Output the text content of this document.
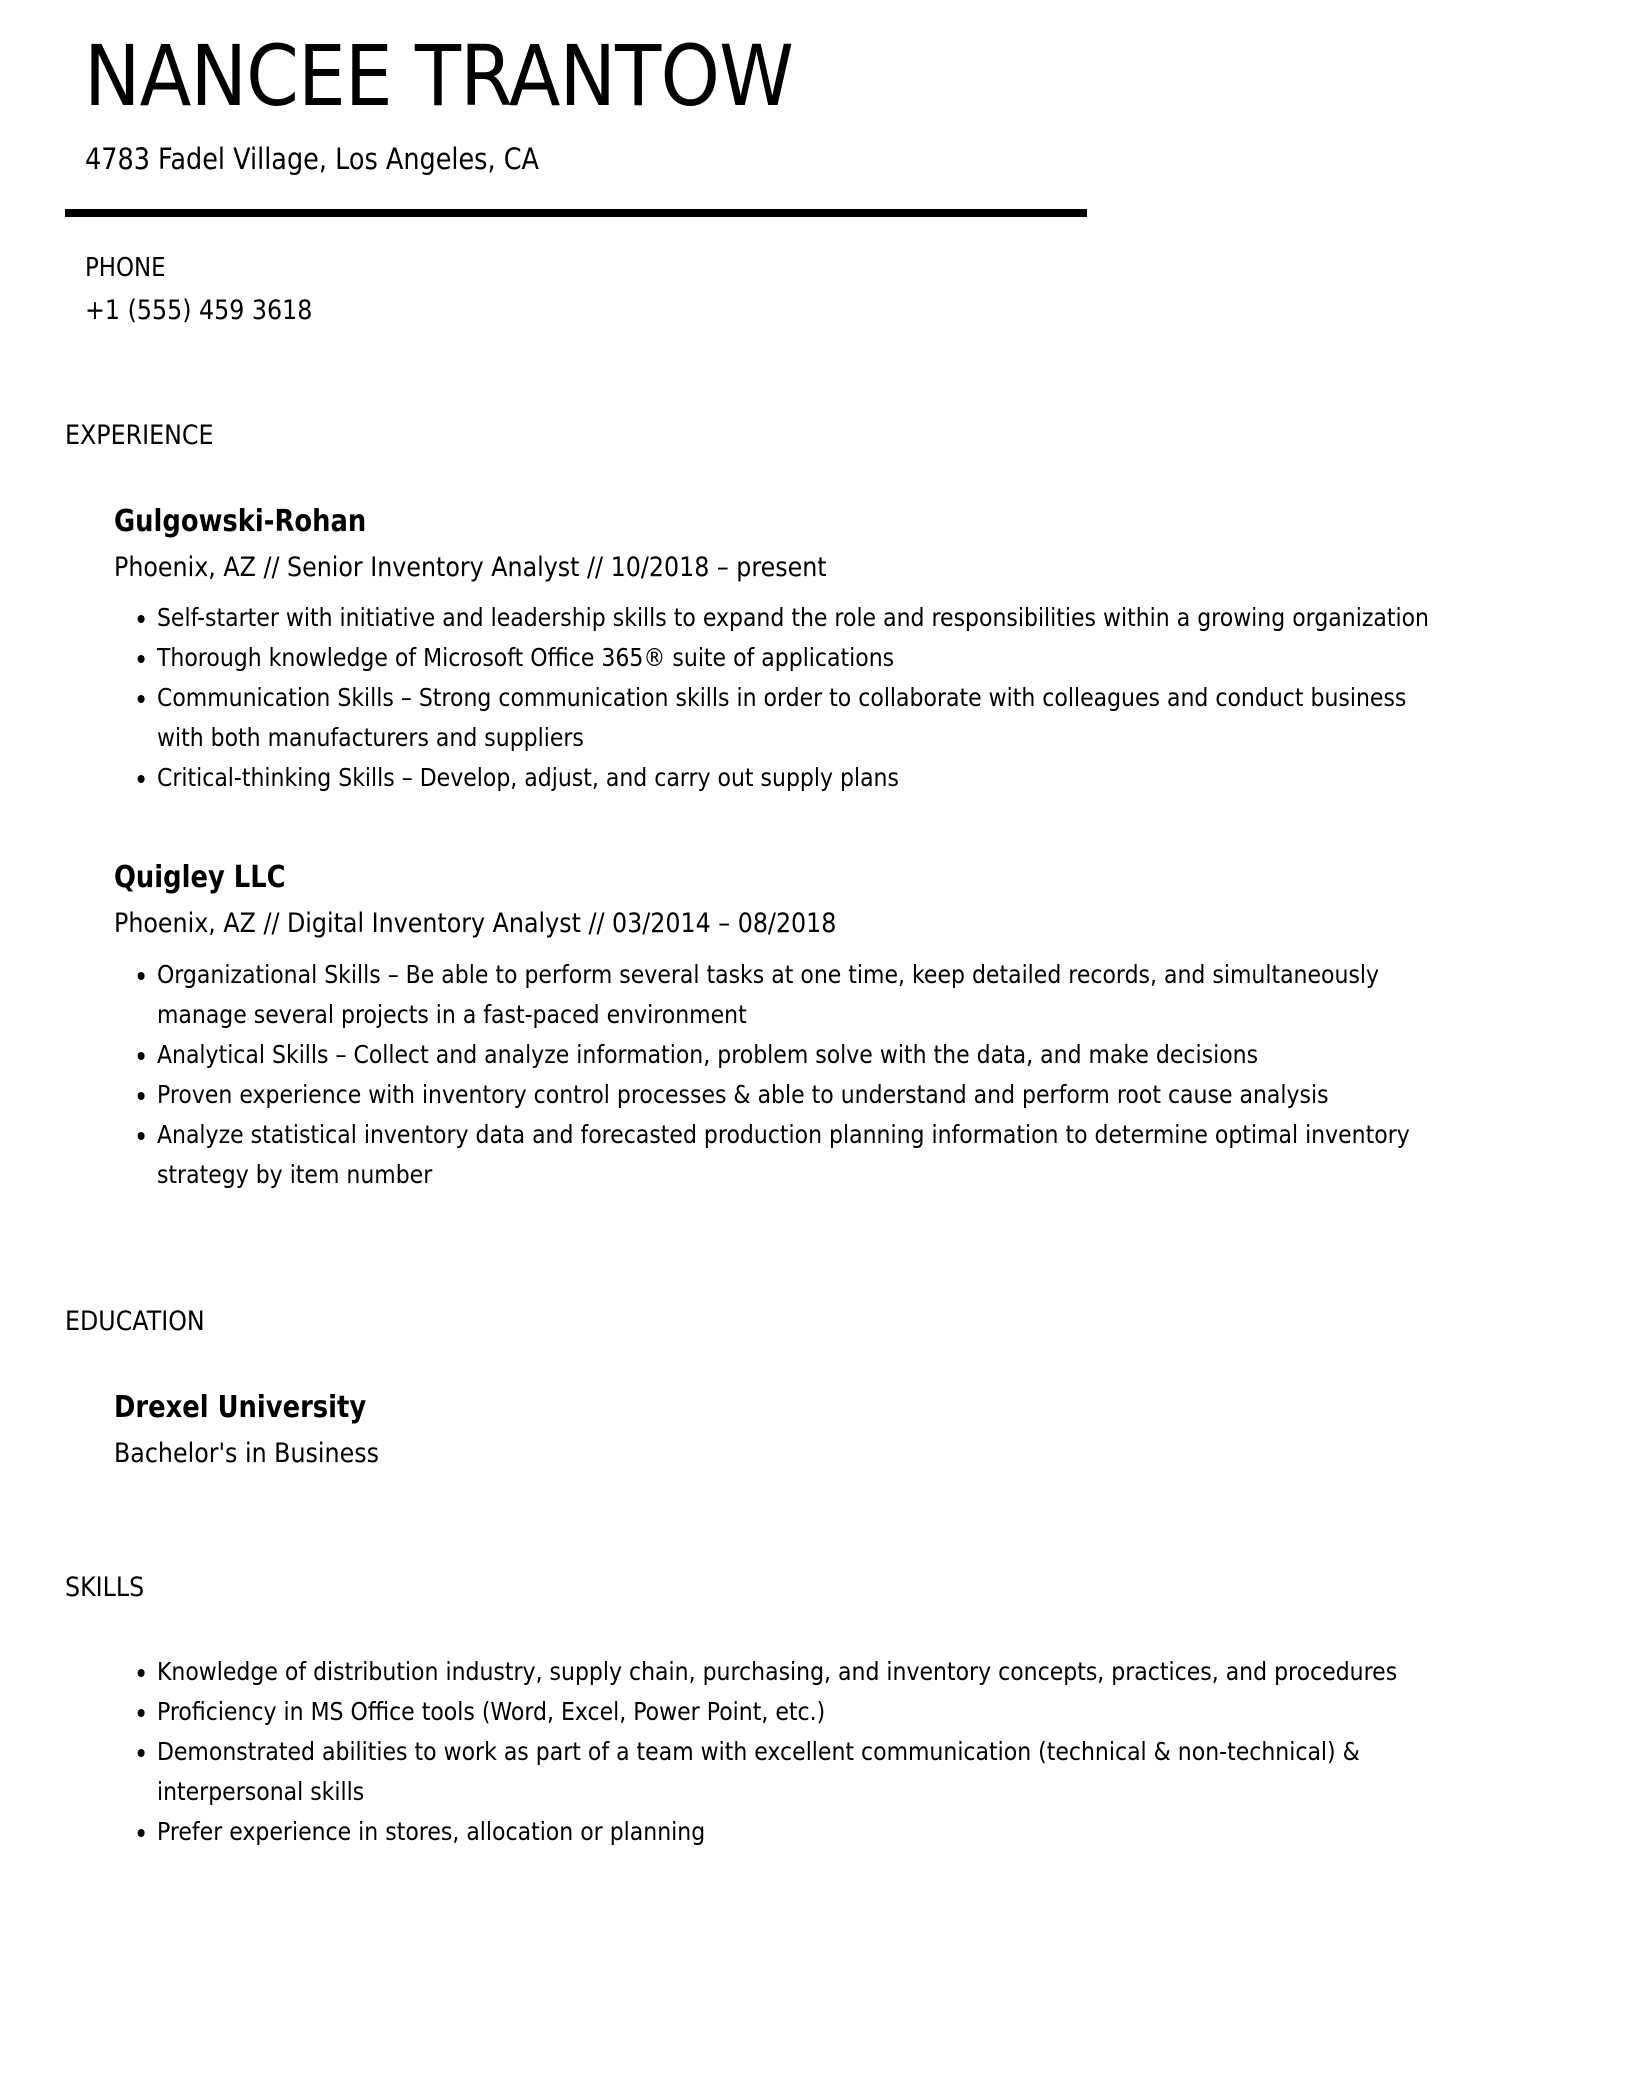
NANCEE TRANTOW
4783 Fadel Village, Los Angeles, CA
PHONE
+1 (555) 459 3618
EXPERIENCE
Gulgowski-Rohan
Phoenix, AZ // Senior Inventory Analyst // 10/2018 – present
• Self-starter with initiative and leadership skills to expand the role and responsibilities within a growing organization
• Thorough knowledge of Microsoft Office 365® suite of applications
• Communication Skills – Strong communication skills in order to collaborate with colleagues and conduct business with both manufacturers and suppliers
• Critical-thinking Skills – Develop, adjust, and carry out supply plans
Quigley LLC
Phoenix, AZ // Digital Inventory Analyst // 03/2014 – 08/2018
• Organizational Skills – Be able to perform several tasks at one time, keep detailed records, and simultaneously manage several projects in a fast-paced environment
• Analytical Skills – Collect and analyze information, problem solve with the data, and make decisions
• Proven experience with inventory control processes & able to understand and perform root cause analysis
• Analyze statistical inventory data and forecasted production planning information to determine optimal inventory strategy by item number
EDUCATION
Drexel University
Bachelor's in Business
SKILLS
• Knowledge of distribution industry, supply chain, purchasing, and inventory concepts, practices, and procedures
• Proficiency in MS Office tools (Word, Excel, Power Point, etc.)
• Demonstrated abilities to work as part of a team with excellent communication (technical & non-technical) & interpersonal skills
• Prefer experience in stores, allocation or planning
